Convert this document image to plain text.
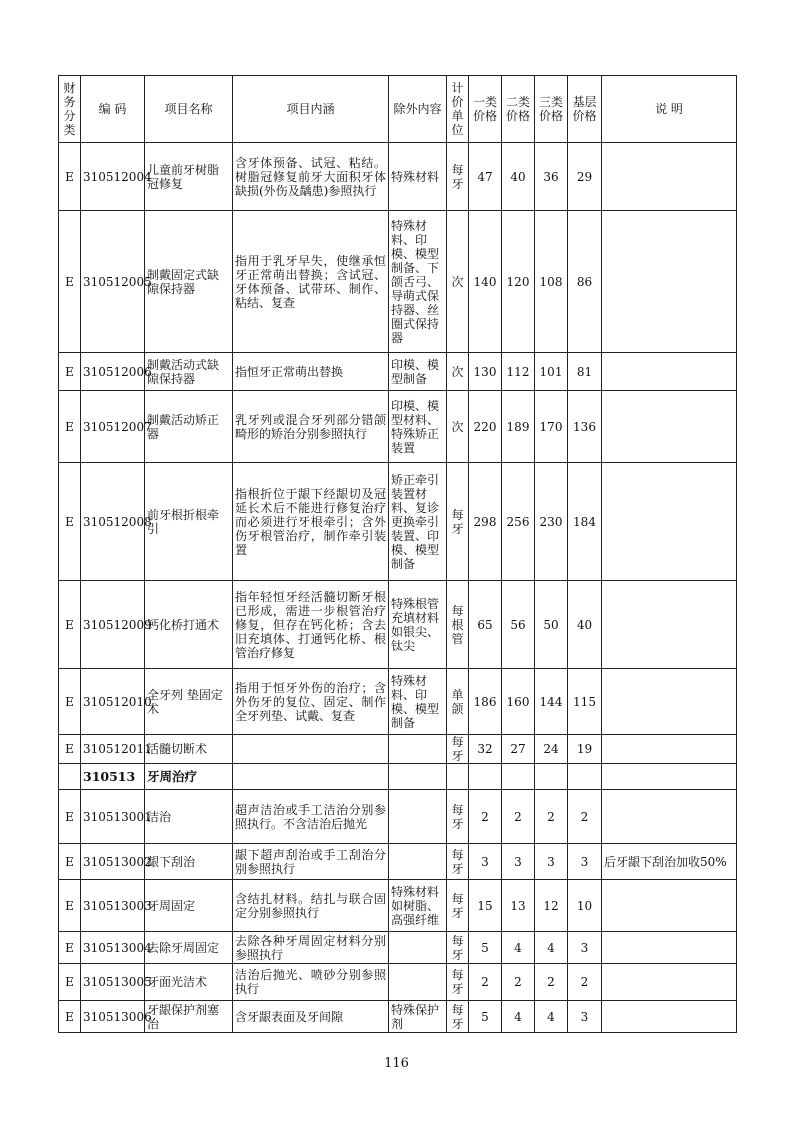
财务分类	编 码	项目名称	项目内涵	除外内容	计价单位	一类价格	二类价格	三类价格	基层价格	说 明
E	310512004	儿童前牙树脂冠修复	含牙体预备、试冠、粘结。树脂冠修复前牙大面积牙体缺损(外伤及龋患)参照执行	特殊材料	每牙	47	40	36	29	
E	310512005	制戴固定式缺隙保持器	指用于乳牙早失，使继承恒牙正常萌出替换；含试冠、牙体预备、试带环、制作、粘结、复查	特殊材料、印模、模型制备、下颌舌弓、导萌式保持器、丝圈式保持器	次	140	120	108	86	
E	310512006	制戴活动式缺隙保持器	指恒牙正常萌出替换	印模、模型制备	次	130	112	101	81	
E	310512007	制戴活动矫正器	乳牙列或混合牙列部分错颌畸形的矫治分别参照执行	印模、模型材料、特殊矫正装置	次	220	189	170	136	
E	310512008	前牙根折根牵引	指根折位于龈下经龈切及冠延长术后不能进行修复治疗而必须进行牙根牵引；含外伤牙根管治疗，制作牵引装置	矫正牵引装置材料、复诊更换牵引装置、印模、模型制备	每牙	298	256	230	184	
E	310512009	钙化桥打通术	指年轻恒牙经活髓切断牙根已形成，需进一步根管治疗修复，但存在钙化桥；含去旧充填体、打通钙化桥、根管治疗修复	特殊根管充填材料如银尖、钛尖	每根管	65	56	50	40	
E	310512010	全牙列 垫固定术	指用于恒牙外伤的治疗；含外伤牙的复位、固定、制作全牙列垫、试戴、复查	特殊材料、印模、模型制备	单颌	186	160	144	115	
E	310512011	活髓切断术			每牙	32	27	24	19	
	310513	牙周治疗								
E	310513001	洁治	超声洁治或手工洁治分别参照执行。不含洁治后抛光		每牙	2	2	2	2	
E	310513002	龈下刮治	龈下超声刮治或手工刮治分别参照执行		每牙	3	3	3	3	后牙龈下刮治加收50%
E	310513003	牙周固定	含结扎材料。结扎与联合固定分别参照执行	特殊材料如树脂、高强纤维	每牙	15	13	12	10	
E	310513004	去除牙周固定	去除各种牙周固定材料分别参照执行		每牙	5	4	4	3	
E	310513005	牙面光洁术	洁治后抛光、喷砂分别参照执行		每牙	2	2	2	2	
E	310513006	牙龈保护剂塞治	含牙龈表面及牙间隙	特殊保护剂	每牙	5	4	4	3	
116
